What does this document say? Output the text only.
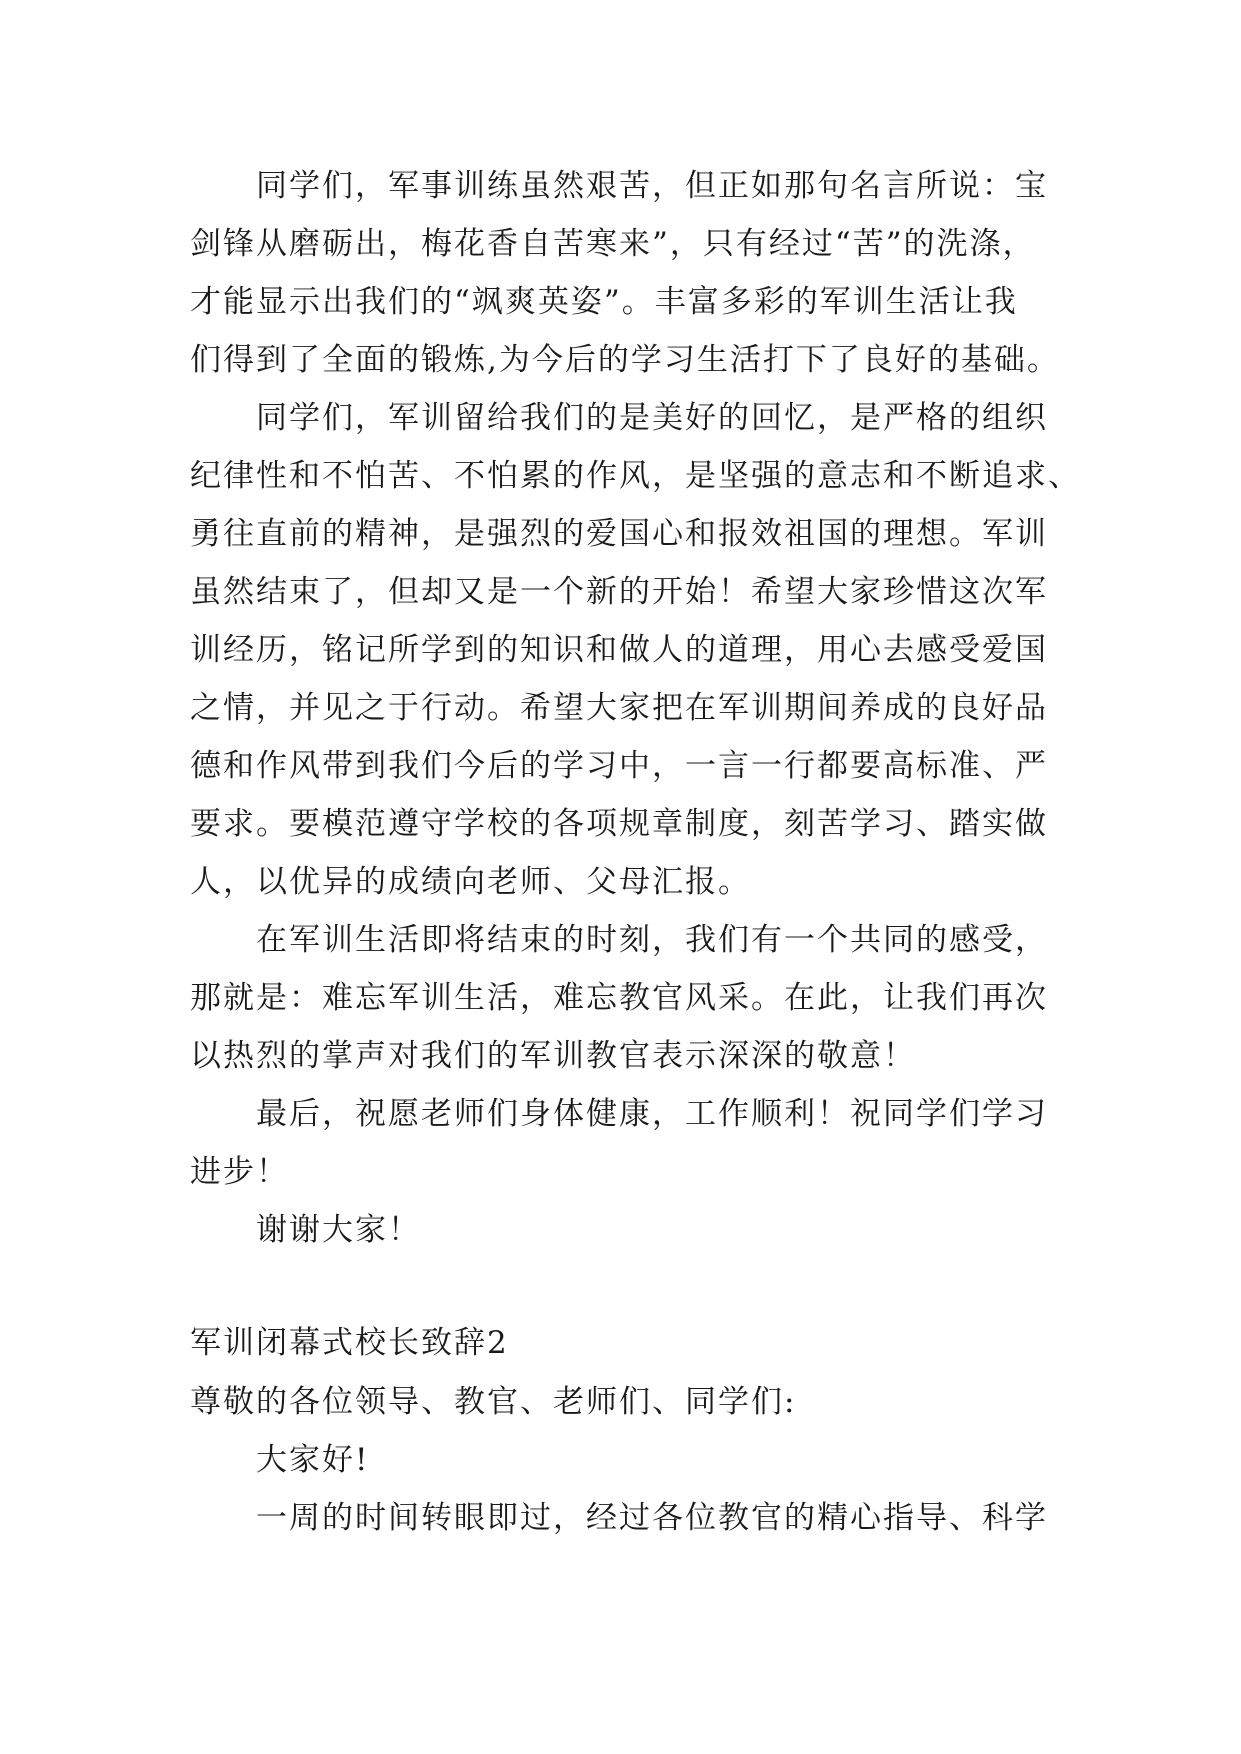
同学们，军事训练虽然艰苦，但正如那句名言所说：宝
剑锋从磨砺出，梅花香自苦寒来”，只有经过“苦”的洗涤，
才能显示出我们的“飒爽英姿”。丰富多彩的军训生活让我
们得到了全面的锻炼,为今后的学习生活打下了良好的基础。
同学们，军训留给我们的是美好的回忆，是严格的组织
纪律性和不怕苦、不怕累的作风，是坚强的意志和不断追求、
勇往直前的精神，是强烈的爱国心和报效祖国的理想。军训
虽然结束了，但却又是一个新的开始！希望大家珍惜这次军
训经历，铭记所学到的知识和做人的道理，用心去感受爱国
之情，并见之于行动。希望大家把在军训期间养成的良好品
德和作风带到我们今后的学习中，一言一行都要高标准、严
要求。要模范遵守学校的各项规章制度，刻苦学习、踏实做
人，以优异的成绩向老师、父母汇报。
在军训生活即将结束的时刻，我们有一个共同的感受，
那就是：难忘军训生活，难忘教官风采。在此，让我们再次
以热烈的掌声对我们的军训教官表示深深的敬意！
最后，祝愿老师们身体健康，工作顺利！祝同学们学习
进步！
谢谢大家！
军训闭幕式校长致辞2
尊敬的各位领导、教官、老师们、同学们:
大家好!
一周的时间转眼即过，经过各位教官的精心指导、科学
